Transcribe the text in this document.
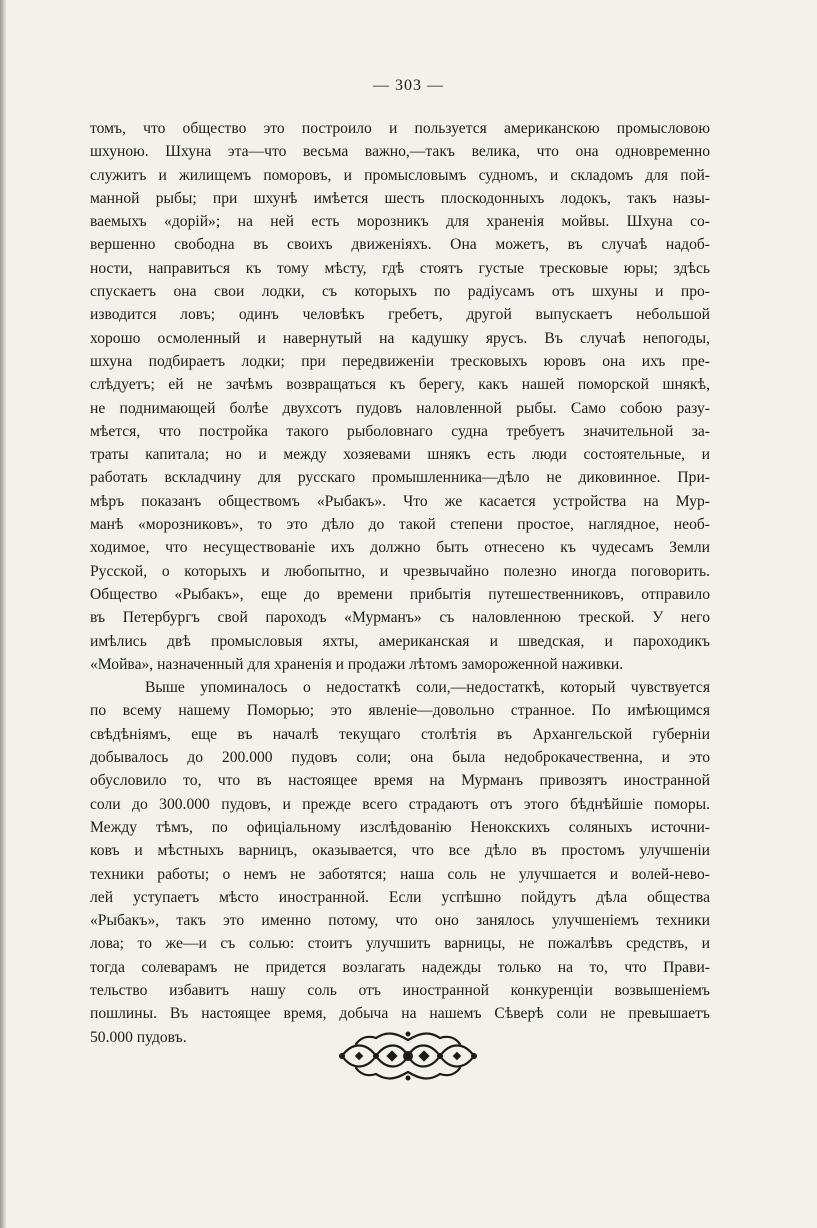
— 303 —
томъ, что общество это построило и пользуется американскою промысловою
шхуною. Шхуна эта—что весьма важно,—такъ велика, что она одновременно
служитъ и жилищемъ поморовъ, и промысловымъ судномъ, и складомъ для пой-
манной рыбы; при шхунѣ имѣется шесть плоскодонныхъ лодокъ, такъ назы-
ваемыхъ «дорій»; на ней есть морозникъ для храненія мойвы. Шхуна со-
вершенно свободна въ своихъ движеніяхъ. Она можетъ, въ случаѣ надоб-
ности, направиться къ тому мѣсту, гдѣ стоятъ густые тресковые юры; здѣсь
спускаетъ она свои лодки, съ которыхъ по радіусамъ отъ шхуны и про-
изводится ловъ; одинъ человѣкъ гребетъ, другой выпускаетъ небольшой
хорошо осмоленный и навернутый на кадушку ярусъ. Въ случаѣ непогоды,
шхуна подбираетъ лодки; при передвиженіи тресковыхъ юровъ она ихъ пре-
слѣдуетъ; ей не зачѣмъ возвращаться къ берегу, какъ нашей поморской шнякѣ,
не поднимающей болѣе двухсотъ пудовъ наловленной рыбы. Само собою разу-
мѣется, что постройка такого рыболовнаго судна требуетъ значительной за-
траты капитала; но и между хозяевами шнякъ есть люди состоятельные, и
работать вскладчину для русскаго промышленника—дѣло не диковинное. При-
мѣръ показанъ обществомъ «Рыбакъ». Что же касается устройства на Мур-
манѣ «морозниковъ», то это дѣло до такой степени простое, наглядное, необ-
ходимое, что несуществованіе ихъ должно быть отнесено къ чудесамъ Земли
Русской, о которыхъ и любопытно, и чрезвычайно полезно иногда поговорить.
Общество «Рыбакъ», еще до времени прибытія путешественниковъ, отправило
въ Петербургъ свой пароходъ «Мурманъ» съ наловленною треской. У него
имѣлись двѣ промысловыя яхты, американская и шведская, и пароходикъ
«Мойва», назначенный для храненія и продажи лѣтомъ замороженной наживки.
Выше упоминалось о недостаткѣ соли,—недостаткѣ, который чувствуется
по всему нашему Поморью; это явленіе—довольно странное. По имѣющимся
свѣдѣніямъ, еще въ началѣ текущаго столѣтія въ Архангельской губерніи
добывалось до 200.000 пудовъ соли; она была недоброкачественна, и это
обусловило то, что въ настоящее время на Мурманъ привозятъ иностранной
соли до 300.000 пудовъ, и прежде всего страдаютъ отъ этого бѣднѣйшіе поморы.
Между тѣмъ, по офиціальному изслѣдованію Ненокскихъ соляныхъ источни-
ковъ и мѣстныхъ варницъ, оказывается, что все дѣло въ простомъ улучшеніи
техники работы; о немъ не заботятся; наша соль не улучшается и волей-нево-
лей уступаетъ мѣсто иностранной. Если успѣшно пойдутъ дѣла общества
«Рыбакъ», такъ это именно потому, что оно занялось улучшеніемъ техники
лова; то же—и съ солью: стоитъ улучшить варницы, не пожалѣвъ средствъ, и
тогда солеварамъ не придется возлагать надежды только на то, что Прави-
тельство избавитъ нашу соль отъ иностранной конкуренціи возвышеніемъ
пошлины. Въ настоящее время, добыча на нашемъ Сѣверѣ соли не превышаетъ
50.000 пудовъ.
